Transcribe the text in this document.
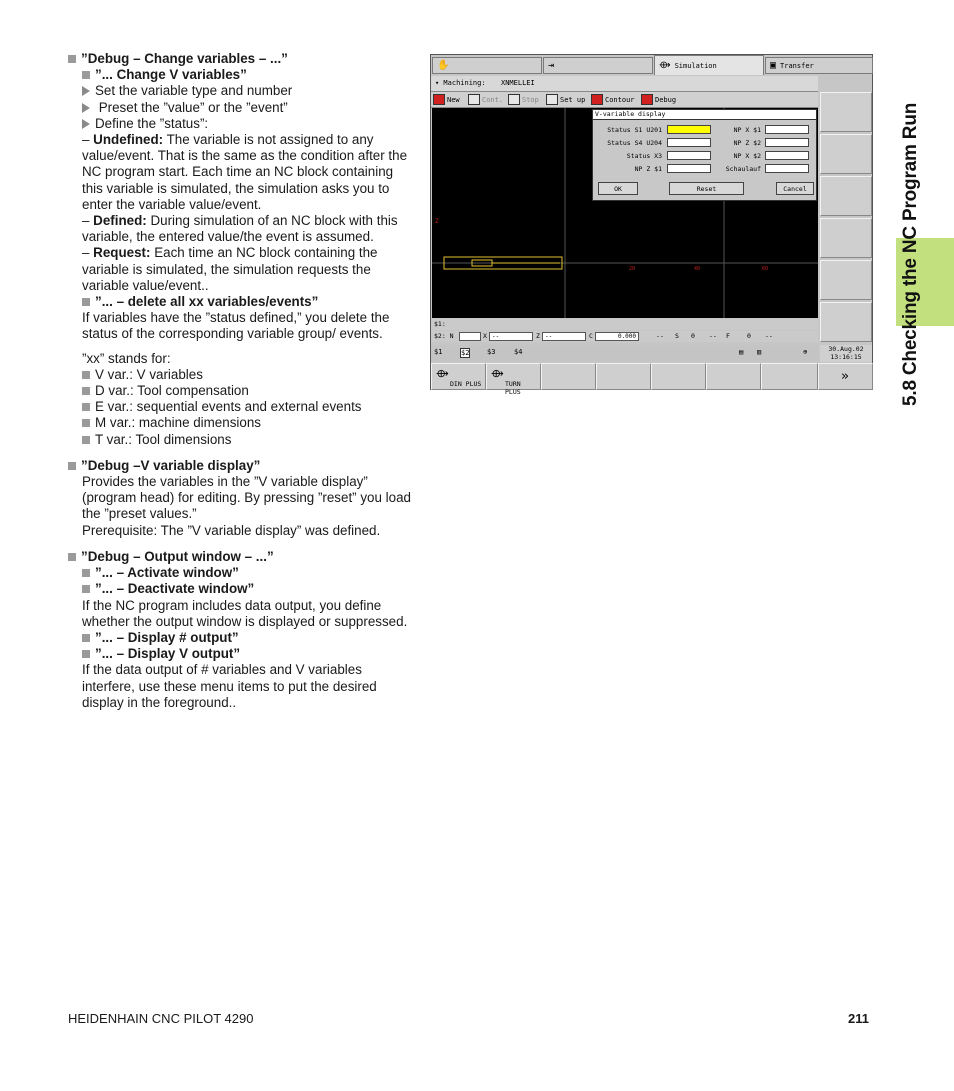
”Debug – Change variables – ...”

”... Change V variables”

Set the variable type and number

Preset the ”value” or the ”event”

Define the ”status”:

– Undefined: The variable is not assigned to any value/event. That is the same as the condition after the NC program start. Each time an NC block containing this variable is simulated, the simulation asks you to enter the variable value/event.

– Defined: During simulation of an NC block with this variable, the entered value/the event is assumed.

– Request: Each time an NC block containing the variable is simulated, the simulation requests the variable value/event..

”... – delete all xx variables/events”

If variables have the ”status defined,” you delete the status of the corresponding variable group/ events.

”xx” stands for:

V var.: V variables

D var.: Tool compensation

E var.: sequential events and external events

M var.: machine dimensions

T var.: Tool dimensions

”Debug –V variable display”

Provides the variables in the ”V variable display” (program head) for editing. By pressing ”reset” you load the ”preset values.”

Prerequisite: The ”V variable display” was defined.

”Debug – Output window – ...”

”... – Activate window”

”... – Deactivate window”

If the NC program includes data output, you define whether the output window is displayed or suppressed.

”... – Display # output”

”... – Display V output”

If the data output of # variables and V variables interfere, use these menu items to put the desired display in the foreground..

5.8 Checking the NC Program Run
HEIDENHAIN CNC PILOT 4290	211
✋	⇥	⟴ Simulation	▣ Transfer
▾ Machining: XNMELLEI
New	Cont.	Stop	Set up	Contour	Debug
Z
20	40	60
V-variable display
Status S1 U201
Status S4 U204
Status X3
NP Z $1
NP X $1
NP Z $2
NP X $2
Schaulauf
OK	Reset	Cancel
$1:
$2: N	X --	Z --	C	0.000	-- S 0 -- F	0 --
$1	$2	$3	$4	▤ ▥	⊕	30.Aug.02
13:16:15
⟴
DIN PLUS
⟴
TURN PLUS
»
